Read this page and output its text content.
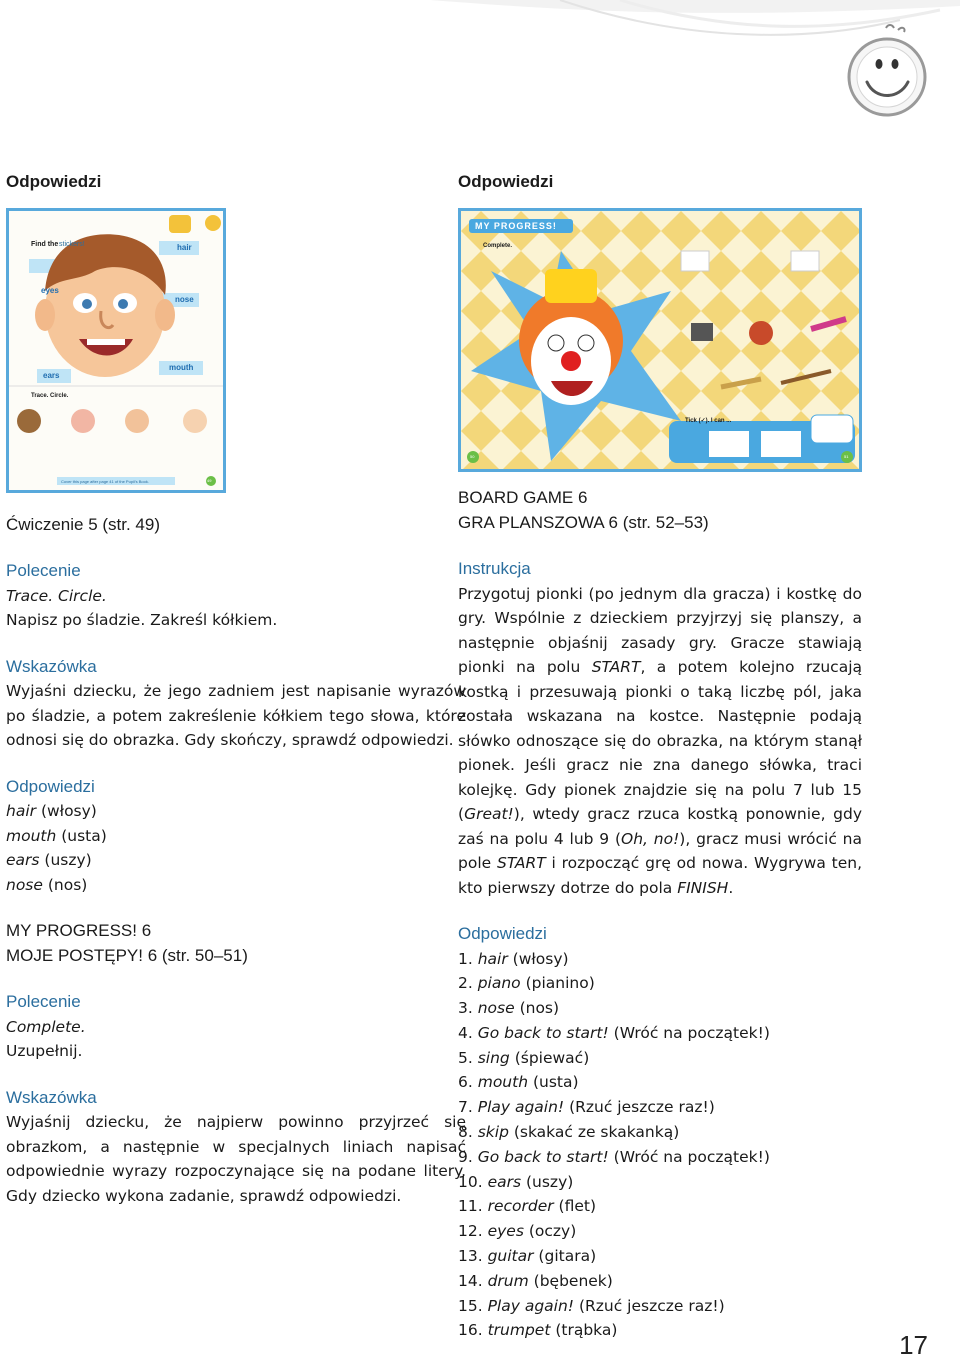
Odpowiedzi
Find the stickers!	hair
eyes
nose
ears
mouth
Trace. Circle.
Cover this page after page 41 of the Pupil's Book.	49

Ćwiczenie 5 (str. 49)

Polecenie

Trace. Circle.

Napisz po śladzie. Zakreśl kółkiem.

Wskazówka

Wyjaśni dziecku, że jego zadniem jest napisanie wyrazów po śladzie, a potem zakreślenie kółkiem tego słowa, które odnosi się do obrazka. Gdy skończy, sprawdź odpowiedzi.

Odpowiedzi

hair (włosy)

mouth (usta)

ears (uszy)

nose (nos)

MY PROGRESS! 6

MOJE POSTĘPY! 6 (str. 50–51)

Polecenie

Complete.

Uzupełnij.

Wskazówka

Wyjaśnij dziecku, że najpierw powinno przyjrzeć się obrazkom, a następnie w specjalnych liniach napisać odpowiednie wyrazy rozpoczynające się na podane litery. Gdy dziecko wykona zadanie, sprawdź odpowiedzi.

Odpowiedzi
MY PROGRESS!
Complete.
Tick (✓). I can ...
50	51

BOARD GAME 6

GRA PLANSZOWA 6 (str. 52–53)

Instrukcja

Przygotuj pionki (po jednym dla gracza) i kostkę do gry. Wspólnie z dzieckiem przyjrzyj się planszy, a następnie objaśnij zasady gry. Gracze stawiają pionki na polu START, a potem kolejno rzucają kostką i przesuwają pionki o taką liczbę pól, jaka została wskazana na kostce. Następnie podają słówko odnoszące się do obrazka, na którym stanął pionek. Jeśli gracz nie zna danego słówka, traci kolejkę. Gdy pionek znajdzie się na polu 7 lub 15 (Great!), wtedy gracz rzuca kostką ponownie, gdy zaś na polu 4 lub 9 (Oh, no!), gracz musi wrócić na pole START i rozpocząć grę od nowa. Wygrywa ten, kto pierwszy dotrze do pola FINISH.

Odpowiedzi

1. hair (włosy)
2. piano (pianino)
3. nose (nos)
4. Go back to start! (Wróć na początek!)
5. sing (śpiewać)
6. mouth (usta)
7. Play again! (Rzuć jeszcze raz!)
8. skip (skakać ze skakanką)
9. Go back to start! (Wróć na początek!)
10. ears (uszy)
11. recorder (flet)
12. eyes (oczy)
13. guitar (gitara)
14. drum (bębenek)
15. Play again! (Rzuć jeszcze raz!)
16. trumpet (trąbka)	17
